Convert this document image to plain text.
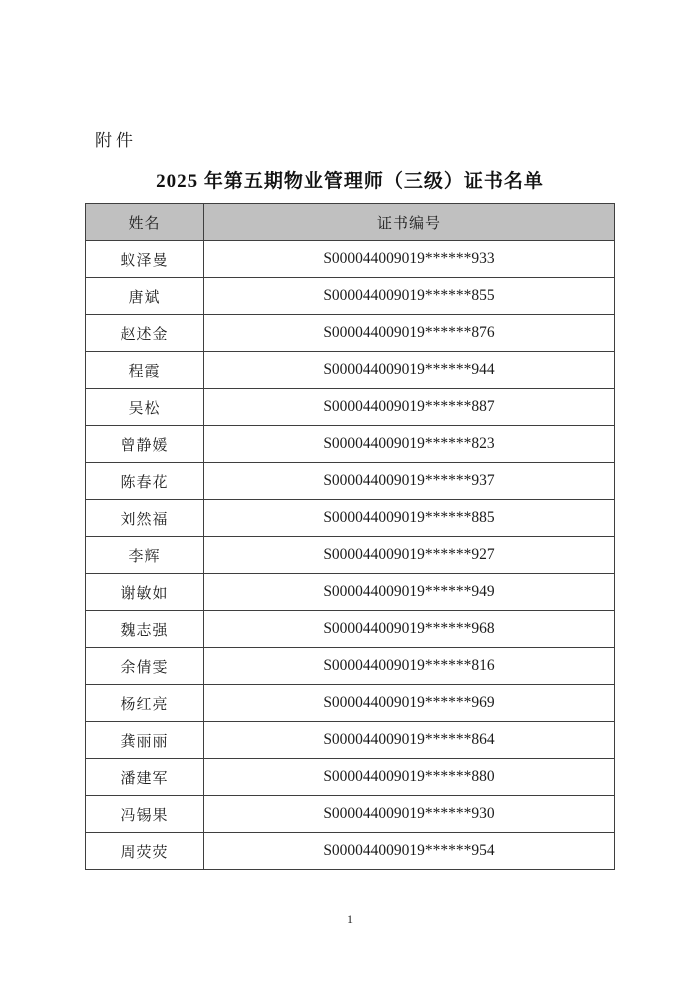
附件
2025 年第五期物业管理师（三级）证书名单
姓名	证书编号
蚁泽曼	S000044009019******933
唐斌	S000044009019******855
赵述金	S000044009019******876
程霞	S000044009019******944
吴松	S000044009019******887
曾静媛	S000044009019******823
陈春花	S000044009019******937
刘然福	S000044009019******885
李辉	S000044009019******927
谢敏如	S000044009019******949
魏志强	S000044009019******968
余倩雯	S000044009019******816
杨红亮	S000044009019******969
龚丽丽	S000044009019******864
潘建军	S000044009019******880
冯锡果	S000044009019******930
周荧荧	S000044009019******954
1
